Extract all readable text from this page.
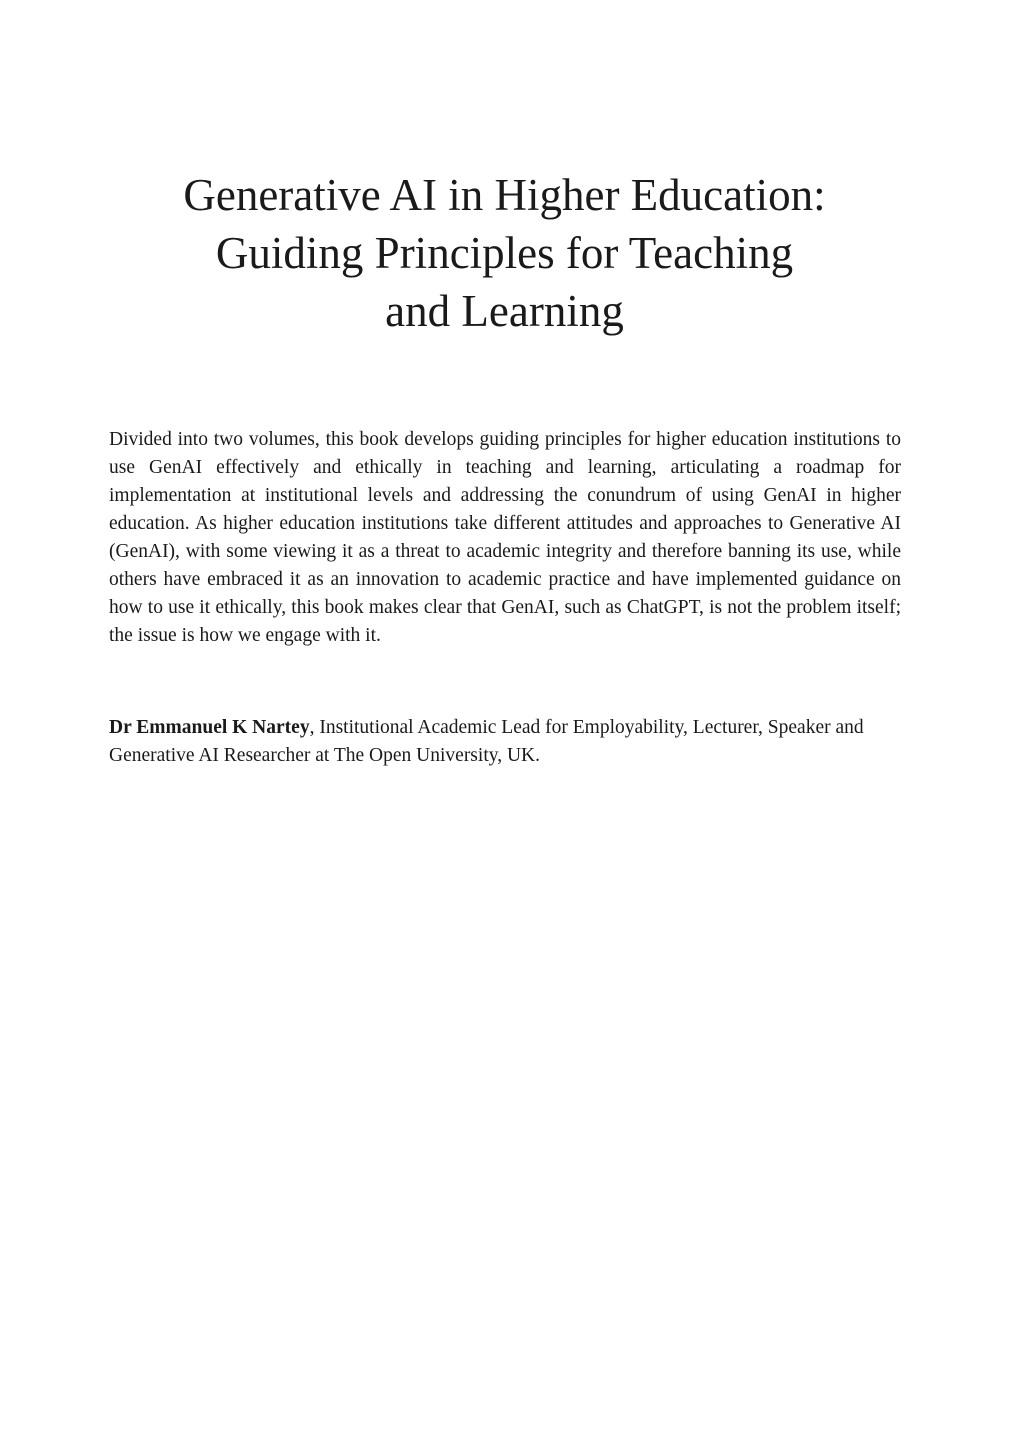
Generative AI in Higher Education:
Guiding Principles for Teaching
and Learning

Divided into two volumes, this book develops guiding principles for higher education institutions to use GenAI effectively and ethically in teaching and learning, articulating a roadmap for implementation at institutional levels and addressing the conundrum of using GenAI in higher education. As higher education institutions take different attitudes and approaches to Generative AI (GenAI), with some viewing it as a threat to academic integrity and therefore banning its use, while others have embraced it as an innovation to academic practice and have implemented guidance on how to use it ethically, this book makes clear that GenAI, such as ChatGPT, is not the problem itself; the issue is how we engage with it.

Dr Emmanuel K Nartey, Institutional Academic Lead for Employability, Lecturer, Speaker and Generative AI Researcher at The Open University, UK.
